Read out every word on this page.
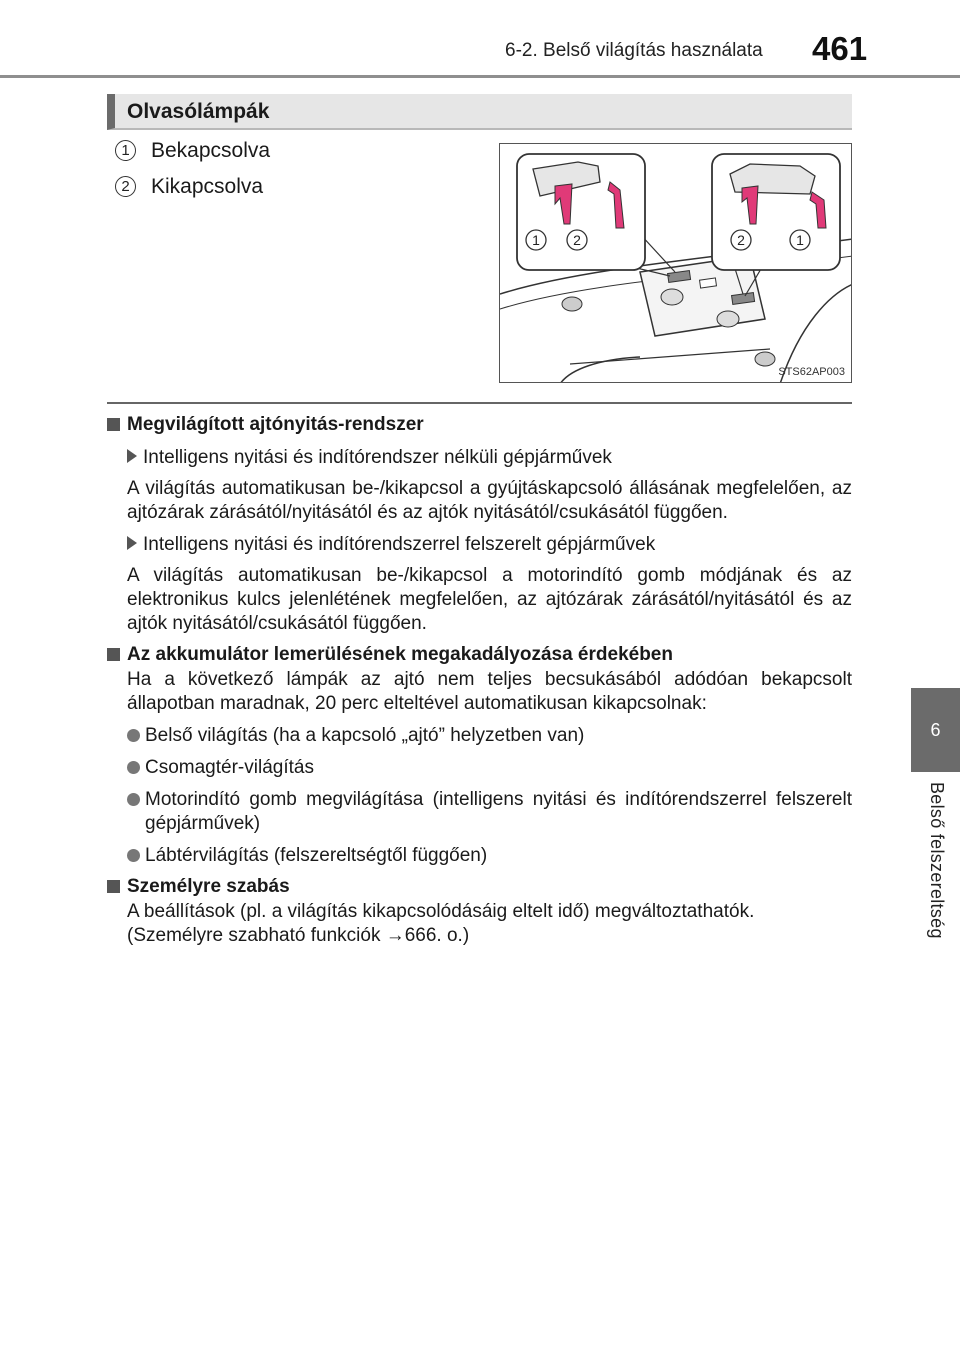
6-2. Belső világítás használata 461
6
Belső felszereltség
Olvasólámpák
1	Bekapcsolva
2	Kikapcsolva
1 2	2	1
STS62AP003
Megvilágított ajtónyitás-rendszer
Intelligens nyitási és indítórendszer nélküli gépjárművek
A világítás automatikusan be-/kikapcsol a gyújtáskapcsoló állásának megfelelően, az ajtózárak zárásától/nyitásától és az ajtók nyitásától/csukásától függően.
Intelligens nyitási és indítórendszerrel felszerelt gépjárművek
A világítás automatikusan be-/kikapcsol a motorindító gomb módjának és az elektronikus kulcs jelenlétének megfelelően, az ajtózárak zárásától/nyitásától és az ajtók nyitásától/csukásától függően.
Az akkumulátor lemerülésének megakadályozása érdekében
Ha a következő lámpák az ajtó nem teljes becsukásából adódóan bekapcsolt állapotban maradnak, 20 perc elteltével automatikusan kikapcsolnak:
Belső világítás (ha a kapcsoló „ajtó” helyzetben van)
Csomagtér-világítás
Motorindító gomb megvilágítása (intelligens nyitási és indítórendszerrel felszerelt gépjárművek)
Lábtérvilágítás (felszereltségtől függően)
Személyre szabás
A beállítások (pl. a világítás kikapcsolódásáig eltelt idő) megváltoztathatók.
(Személyre szabható funkciók →666. o.)
